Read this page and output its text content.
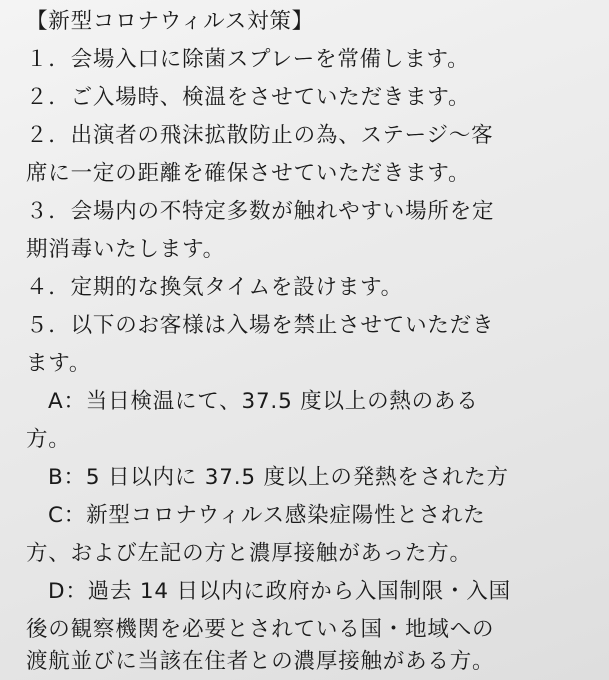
【新型コロナウィルス対策】
１．会場入口に除菌スプレーを常備します。
２．ご入場時、検温をさせていただきます。
２．出演者の飛沫拡散防止の為、ステージ〜客
席に一定の距離を確保させていただきます。
３．会場内の不特定多数が触れやすい場所を定
期消毒いたします。
４．定期的な換気タイムを設けます。
５．以下のお客様は入場を禁止させていただき
ます。
A：当日検温にて、37.5 度以上の熱のある
方。
B：5 日以内に 37.5 度以上の発熱をされた方
C：新型コロナウィルス感染症陽性とされた
方、および左記の方と濃厚接触があった方。
D：過去 14 日以内に政府から入国制限・入国
後の観察機関を必要とされている国・地域への
渡航並びに当該在住者との濃厚接触がある方。
